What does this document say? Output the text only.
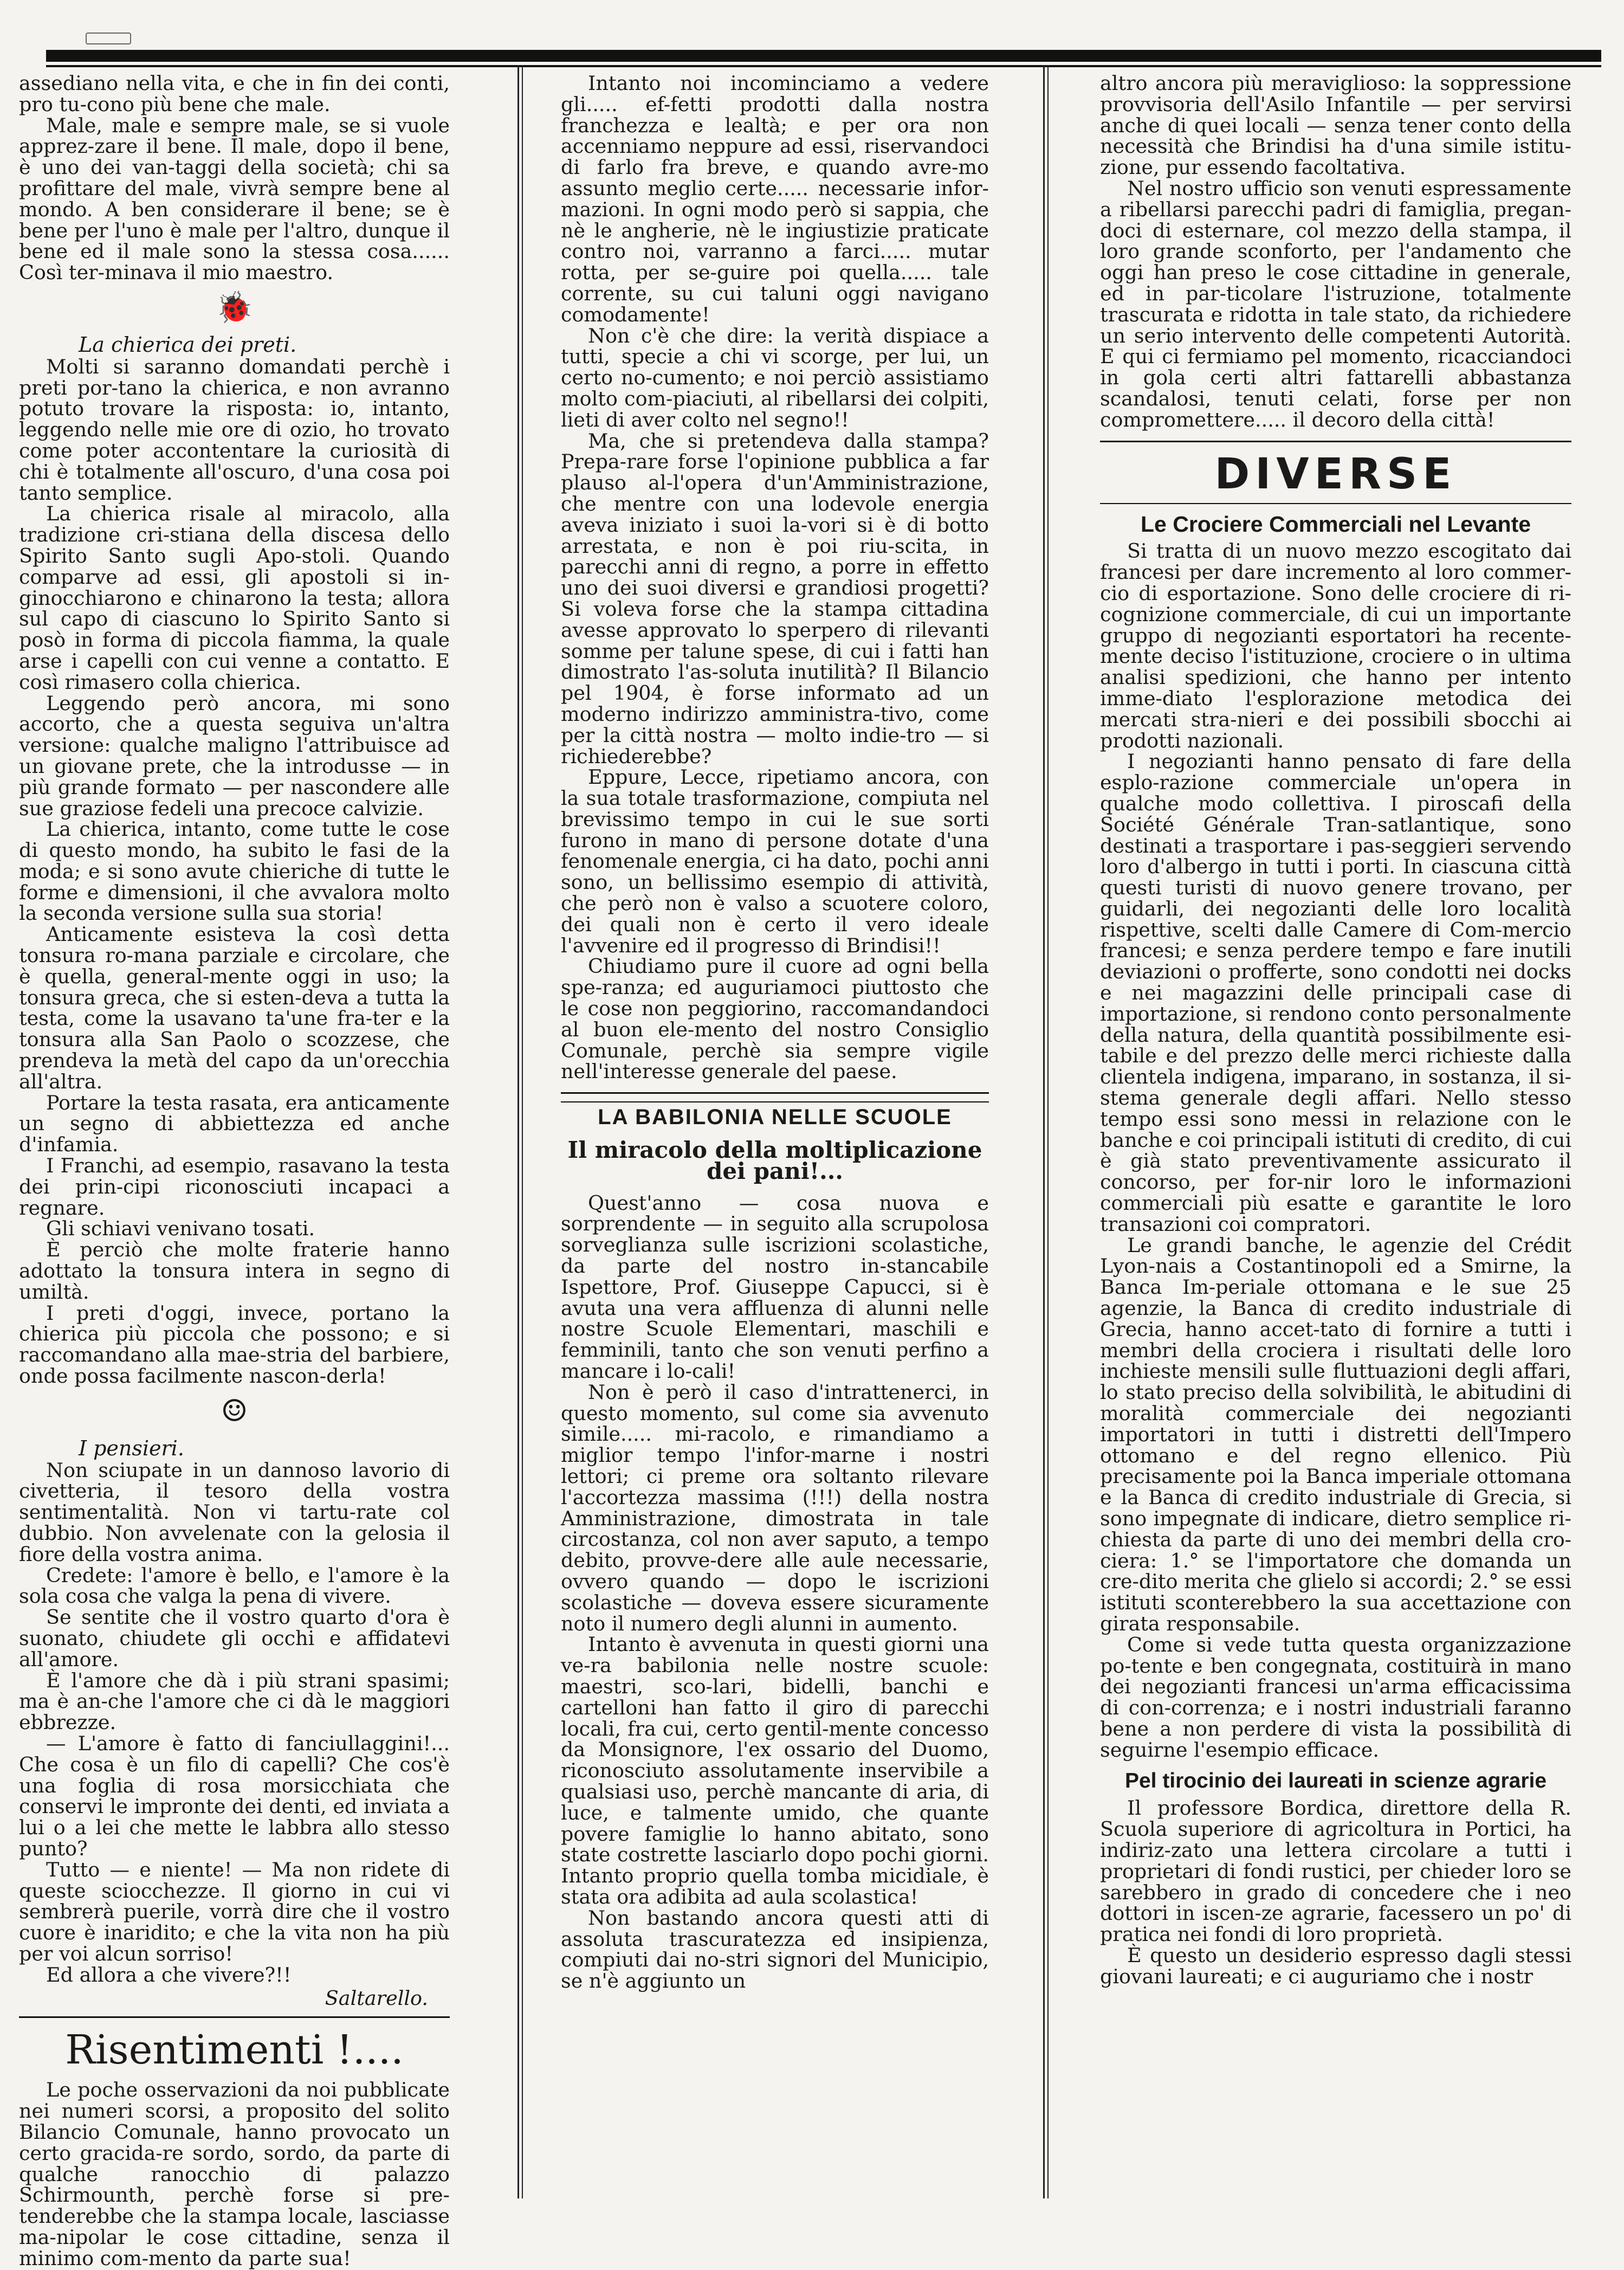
assediano nella vita, e che in fin dei conti, pro tu-cono più bene che male.

Male, male e sempre male, se si vuole apprez-zare il bene. Il male, dopo il bene, è uno dei van-taggi della società; chi sa profittare del male, vivrà sempre bene al mondo. A ben considerare il bene; se è bene per l'uno è male per l'altro, dunque il bene ed il male sono la stessa cosa...... Così ter-minava il mio maestro.

🐞
La chierica dei preti.

Molti si saranno domandati perchè i preti por-tano la chierica, e non avranno potuto trovare la risposta: io, intanto, leggendo nelle mie ore di ozio, ho trovato come poter accontentare la curiosità di chi è totalmente all'oscuro, d'una cosa poi tanto semplice.

La chierica risale al miracolo, alla tradizione cri-stiana della discesa dello Spirito Santo sugli Apo-stoli. Quando comparve ad essi, gli apostoli si in-ginocchiarono e chinarono la testa; allora sul capo di ciascuno lo Spirito Santo si posò in forma di piccola fiamma, la quale arse i capelli con cui venne a contatto. E così rimasero colla chierica.

Leggendo però ancora, mi sono accorto, che a questa seguiva un'altra versione: qualche maligno l'attribuisce ad un giovane prete, che la introdusse — in più grande formato — per nascondere alle sue graziose fedeli una precoce calvizie.

La chierica, intanto, come tutte le cose di questo mondo, ha subito le fasi de la moda; e si sono avute chieriche di tutte le forme e dimensioni, il che avvalora molto la seconda versione sulla sua storia!

Anticamente esisteva la così detta tonsura ro-mana parziale e circolare, che è quella, general-mente oggi in uso; la tonsura greca, che si esten-deva a tutta la testa, come la usavano ta'une fra-ter e la tonsura alla San Paolo o scozzese, che prendeva la metà del capo da un'orecchia all'altra.

Portare la testa rasata, era anticamente un segno di abbiettezza ed anche d'infamia.

I Franchi, ad esempio, rasavano la testa dei prin-cipi riconosciuti incapaci a regnare.

Gli schiavi venivano tosati.

È perciò che molte fraterie hanno adottato la tonsura intera in segno di umiltà.

I preti d'oggi, invece, portano la chierica più piccola che possono; e si raccomandano alla mae-stria del barbiere, onde possa facilmente nascon-derla!

☺
I pensieri.

Non sciupate in un dannoso lavorio di civetteria, il tesoro della vostra sentimentalità. Non vi tartu-rate col dubbio. Non avvelenate con la gelosia il fiore della vostra anima.

Credete: l'amore è bello, e l'amore è la sola cosa che valga la pena di vivere.

Se sentite che il vostro quarto d'ora è suonato, chiudete gli occhi e affidatevi all'amore.

È l'amore che dà i più strani spasimi; ma è an-che l'amore che ci dà le maggiori ebbrezze.

— L'amore è fatto di fanciullaggini!... Che cosa è un filo di capelli? Che cos'è una foglia di rosa morsicchiata che conservi le impronte dei denti, ed inviata a lui o a lei che mette le labbra allo stesso punto?

Tutto — e niente! — Ma non ridete di queste sciocchezze. Il giorno in cui vi sembrerà puerile, vorrà dire che il vostro cuore è inaridito; e che la vita non ha più per voi alcun sorriso!

Ed allora a che vivere?!!

Saltarello.
Risentimenti !....

Le poche osservazioni da noi pubblicate nei numeri scorsi, a proposito del solito Bilancio Comunale, hanno provocato un certo gracida-re sordo, sordo, da parte di qualche ranocchio di palazzo Schirmounth, perchè forse si pre-tenderebbe che la stampa locale, lasciasse ma-nipolar le cose cittadine, senza il minimo com-mento da parte sua!

Intanto noi incominciamo a vedere gli..... ef-fetti prodotti dalla nostra franchezza e lealtà; e per ora non accenniamo neppure ad essi, riservandoci di farlo fra breve, e quando avre-mo assunto meglio certe..... necessarie infor-mazioni. In ogni modo però si sappia, che nè le angherie, nè le ingiustizie praticate contro noi, varranno a farci..... mutar rotta, per se-guire poi quella..... tale corrente, su cui taluni oggi navigano comodamente!

Non c'è che dire: la verità dispiace a tutti, specie a chi vi scorge, per lui, un certo no-cumento; e noi perciò assistiamo molto com-piaciuti, al ribellarsi dei colpiti, lieti di aver colto nel segno!!

Ma, che si pretendeva dalla stampa? Prepa-rare forse l'opinione pubblica a far plauso al-l'opera d'un'Amministrazione, che mentre con una lodevole energia aveva iniziato i suoi la-vori si è di botto arrestata, e non è poi riu-scita, in parecchi anni di regno, a porre in effetto uno dei suoi diversi e grandiosi progetti? Si voleva forse che la stampa cittadina avesse approvato lo sperpero di rilevanti somme per talune spese, di cui i fatti han dimostrato l'as-soluta inutilità? Il Bilancio pel 1904, è forse informato ad un moderno indirizzo amministra-tivo, come per la città nostra — molto indie-tro — si richiederebbe?

Eppure, Lecce, ripetiamo ancora, con la sua totale trasformazione, compiuta nel brevissimo tempo in cui le sue sorti furono in mano di persone dotate d'una fenomenale energia, ci ha dato, pochi anni sono, un bellissimo esempio di attività, che però non è valso a scuotere coloro, dei quali non è certo il vero ideale l'avvenire ed il progresso di Brindisi!!

Chiudiamo pure il cuore ad ogni bella spe-ranza; ed auguriamoci piuttosto che le cose non peggiorino, raccomandandoci al buon ele-mento del nostro Consiglio Comunale, perchè sia sempre vigile nell'interesse generale del paese.

LA BABILONIA NELLE SCUOLE
Il miracolo della moltiplicazione dei pani!...

Quest'anno — cosa nuova e sorprendente — in seguito alla scrupolosa sorveglianza sulle iscrizioni scolastiche, da parte del nostro in-stancabile Ispettore, Prof. Giuseppe Capucci, si è avuta una vera affluenza di alunni nelle nostre Scuole Elementari, maschili e femminili, tanto che son venuti perfino a mancare i lo-cali!

Non è però il caso d'intrattenerci, in questo momento, sul come sia avvenuto simile..... mi-racolo, e rimandiamo a miglior tempo l'infor-marne i nostri lettori; ci preme ora soltanto rilevare l'accortezza massima (!!!) della nostra Amministrazione, dimostrata in tale circostanza, col non aver saputo, a tempo debito, provve-dere alle aule necessarie, ovvero quando — dopo le iscrizioni scolastiche — doveva essere sicuramente noto il numero degli alunni in aumento.

Intanto è avvenuta in questi giorni una ve-ra babilonia nelle nostre scuole: maestri, sco-lari, bidelli, banchi e cartelloni han fatto il giro di parecchi locali, fra cui, certo gentil-mente concesso da Monsignore, l'ex ossario del Duomo, riconosciuto assolutamente inservibile a qualsiasi uso, perchè mancante di aria, di luce, e talmente umido, che quante povere famiglie lo hanno abitato, sono state costrette lasciarlo dopo pochi giorni. Intanto proprio quella tomba micidiale, è stata ora adibita ad aula scolastica!

Non bastando ancora questi atti di assoluta trascuratezza ed insipienza, compiuti dai no-stri signori del Municipio, se n'è aggiunto un

altro ancora più meraviglioso: la soppressione provvisoria dell'Asilo Infantile — per servirsi anche di quei locali — senza tener conto della necessità che Brindisi ha d'una simile istitu-zione, pur essendo facoltativa.

Nel nostro ufficio son venuti espressamente a ribellarsi parecchi padri di famiglia, pregan-doci di esternare, col mezzo della stampa, il loro grande sconforto, per l'andamento che oggi han preso le cose cittadine in generale, ed in par-ticolare l'istruzione, totalmente trascurata e ridotta in tale stato, da richiedere un serio intervento delle competenti Autorità. E qui ci fermiamo pel momento, ricacciandoci in gola certi altri fattarelli abbastanza scandalosi, tenuti celati, forse per non compromettere..... il decoro della città!

DIVERSE
Le Crociere Commerciali nel Levante

Si tratta di un nuovo mezzo escogitato dai francesi per dare incremento al loro commer-cio di esportazione. Sono delle crociere di ri-cognizione commerciale, di cui un importante gruppo di negozianti esportatori ha recente-mente deciso l'istituzione, crociere o in ultima analisi spedizioni, che hanno per intento imme-diato l'esplorazione metodica dei mercati stra-nieri e dei possibili sbocchi ai prodotti nazionali.

I negozianti hanno pensato di fare della esplo-razione commerciale un'opera in qualche modo collettiva. I piroscafi della Société Générale Tran-satlantique, sono destinati a trasportare i pas-seggieri servendo loro d'albergo in tutti i porti. In ciascuna città questi turisti di nuovo genere trovano, per guidarli, dei negozianti delle loro località rispettive, scelti dalle Camere di Com-mercio francesi; e senza perdere tempo e fare inutili deviazioni o profferte, sono condotti nei docks e nei magazzini delle principali case di importazione, si rendono conto personalmente della natura, della quantità possibilmente esi-tabile e del prezzo delle merci richieste dalla clientela indigena, imparano, in sostanza, il si-stema generale degli affari. Nello stesso tempo essi sono messi in relazione con le banche e coi principali istituti di credito, di cui è già stato preventivamente assicurato il concorso, per for-nir loro le informazioni commerciali più esatte e garantite le loro transazioni coi compratori.

Le grandi banche, le agenzie del Crédit Lyon-nais a Costantinopoli ed a Smirne, la Banca Im-periale ottomana e le sue 25 agenzie, la Banca di credito industriale di Grecia, hanno accet-tato di fornire a tutti i membri della crociera i risultati delle loro inchieste mensili sulle fluttuazioni degli affari, lo stato preciso della solvibilità, le abitudini di moralità commerciale dei negozianti importatori in tutti i distretti dell'Impero ottomano e del regno ellenico. Più precisamente poi la Banca imperiale ottomana e la Banca di credito industriale di Grecia, si sono impegnate di indicare, dietro semplice ri-chiesta da parte di uno dei membri della cro-ciera: 1.° se l'importatore che domanda un cre-dito merita che glielo si accordi; 2.° se essi istituti sconterebbero la sua accettazione con girata responsabile.

Come si vede tutta questa organizzazione po-tente e ben congegnata, costituirà in mano dei negozianti francesi un'arma efficacissima di con-correnza; e i nostri industriali faranno bene a non perdere di vista la possibilità di seguirne l'esempio efficace.

Pel tirocinio dei laureati in scienze agrarie

Il professore Bordica, direttore della R. Scuola superiore di agricoltura in Portici, ha indiriz-zato una lettera circolare a tutti i proprietari di fondi rustici, per chieder loro se sarebbero in grado di concedere che i neo dottori in iscen-ze agrarie, facessero un po' di pratica nei fondi di loro proprietà.

È questo un desiderio espresso dagli stessi giovani laureati; e ci auguriamo che i nostr
